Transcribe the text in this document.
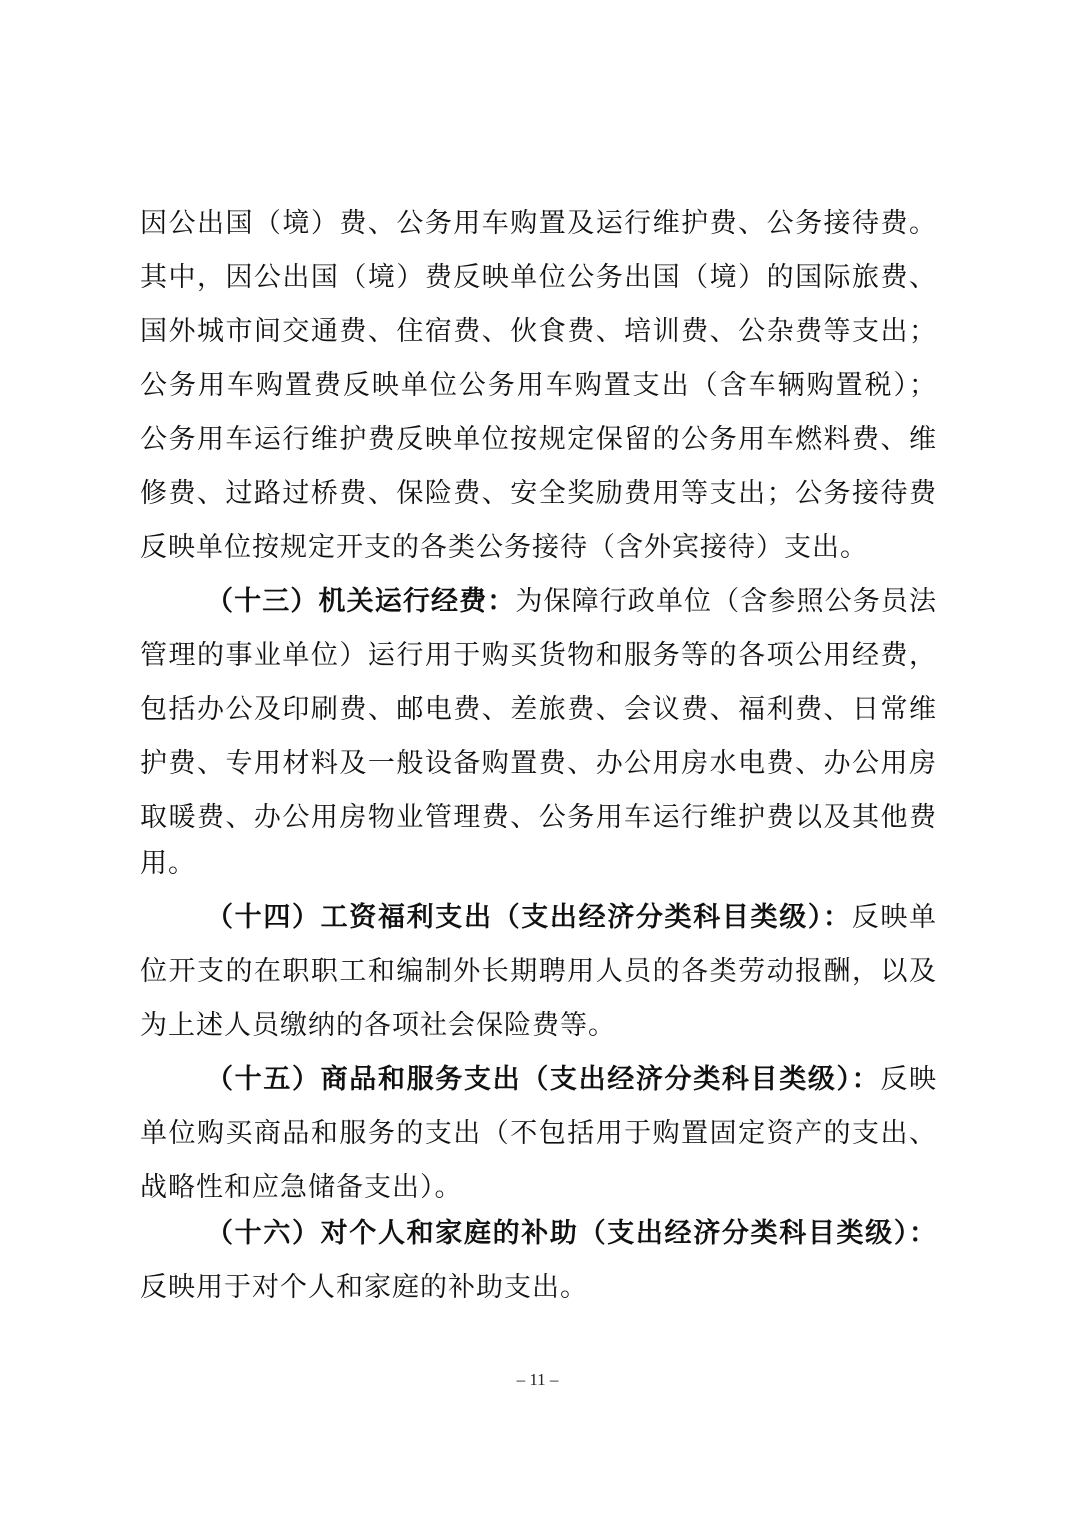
因公出国（境）费、公务用车购置及运行维护费、公务接待费。
其中，因公出国（境）费反映单位公务出国（境）的国际旅费、
国外城市间交通费、住宿费、伙食费、培训费、公杂费等支出；
公务用车购置费反映单位公务用车购置支出（含车辆购置税）；
公务用车运行维护费反映单位按规定保留的公务用车燃料费、维
修费、过路过桥费、保险费、安全奖励费用等支出；公务接待费
反映单位按规定开支的各类公务接待（含外宾接待）支出。
（十三）机关运行经费：为保障行政单位（含参照公务员法
管理的事业单位）运行用于购买货物和服务等的各项公用经费，
包括办公及印刷费、邮电费、差旅费、会议费、福利费、日常维
护费、专用材料及一般设备购置费、办公用房水电费、办公用房
取暖费、办公用房物业管理费、公务用车运行维护费以及其他费
用。
（十四）工资福利支出（支出经济分类科目类级）：反映单
位开支的在职职工和编制外长期聘用人员的各类劳动报酬，以及
为上述人员缴纳的各项社会保险费等。
（十五）商品和服务支出（支出经济分类科目类级）：反映
单位购买商品和服务的支出（不包括用于购置固定资产的支出、
战略性和应急储备支出）。
（十六）对个人和家庭的补助（支出经济分类科目类级）：
反映用于对个人和家庭的补助支出。
– 11 –
